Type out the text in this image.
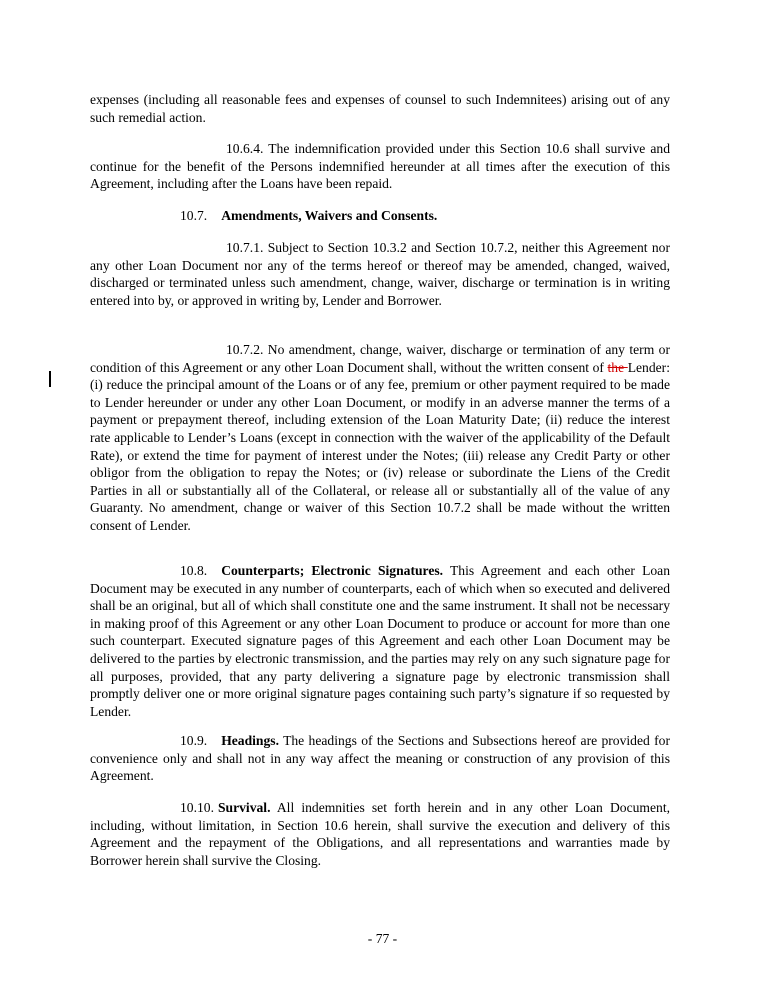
expenses (including all reasonable fees and expenses of counsel to such Indemnitees) arising out of any such remedial action.

10.6.4. The indemnification provided under this Section 10.6 shall survive and continue for the benefit of the Persons indemnified hereunder at all times after the execution of this Agreement, including after the Loans have been repaid.

10.7. Amendments, Waivers and Consents.

10.7.1. Subject to Section 10.3.2 and Section 10.7.2, neither this Agreement nor any other Loan Document nor any of the terms hereof or thereof may be amended, changed, waived, discharged or terminated unless such amendment, change, waiver, discharge or termination is in writing entered into by, or approved in writing by, Lender and Borrower.

10.7.2. No amendment, change, waiver, discharge or termination of any term or condition of this Agreement or any other Loan Document shall, without the written consent of the Lender: (i) reduce the principal amount of the Loans or of any fee, premium or other payment required to be made to Lender hereunder or under any other Loan Document, or modify in an adverse manner the terms of a payment or prepayment thereof, including extension of the Loan Maturity Date; (ii) reduce the interest rate applicable to Lender’s Loans (except in connection with the waiver of the applicability of the Default Rate), or extend the time for payment of interest under the Notes; (iii) release any Credit Party or other obligor from the obligation to repay the Notes; or (iv) release or subordinate the Liens of the Credit Parties in all or substantially all of the Collateral, or release all or substantially all of the value of any Guaranty. No amendment, change or waiver of this Section 10.7.2 shall be made without the written consent of Lender.

10.8. Counterparts; Electronic Signatures. This Agreement and each other Loan Document may be executed in any number of counterparts, each of which when so executed and delivered shall be an original, but all of which shall constitute one and the same instrument. It shall not be necessary in making proof of this Agreement or any other Loan Document to produce or account for more than one such counterpart. Executed signature pages of this Agreement and each other Loan Document may be delivered to the parties by electronic transmission, and the parties may rely on any such signature page for all purposes, provided, that any party delivering a signature page by electronic transmission shall promptly deliver one or more original signature pages containing such party’s signature if so requested by Lender.

10.9. Headings. The headings of the Sections and Subsections hereof are provided for convenience only and shall not in any way affect the meaning or construction of any provision of this Agreement.

10.10. Survival. All indemnities set forth herein and in any other Loan Document, including, without limitation, in Section 10.6 herein, shall survive the execution and delivery of this Agreement and the repayment of the Obligations, and all representations and warranties made by Borrower herein shall survive the Closing.

- 77 -
